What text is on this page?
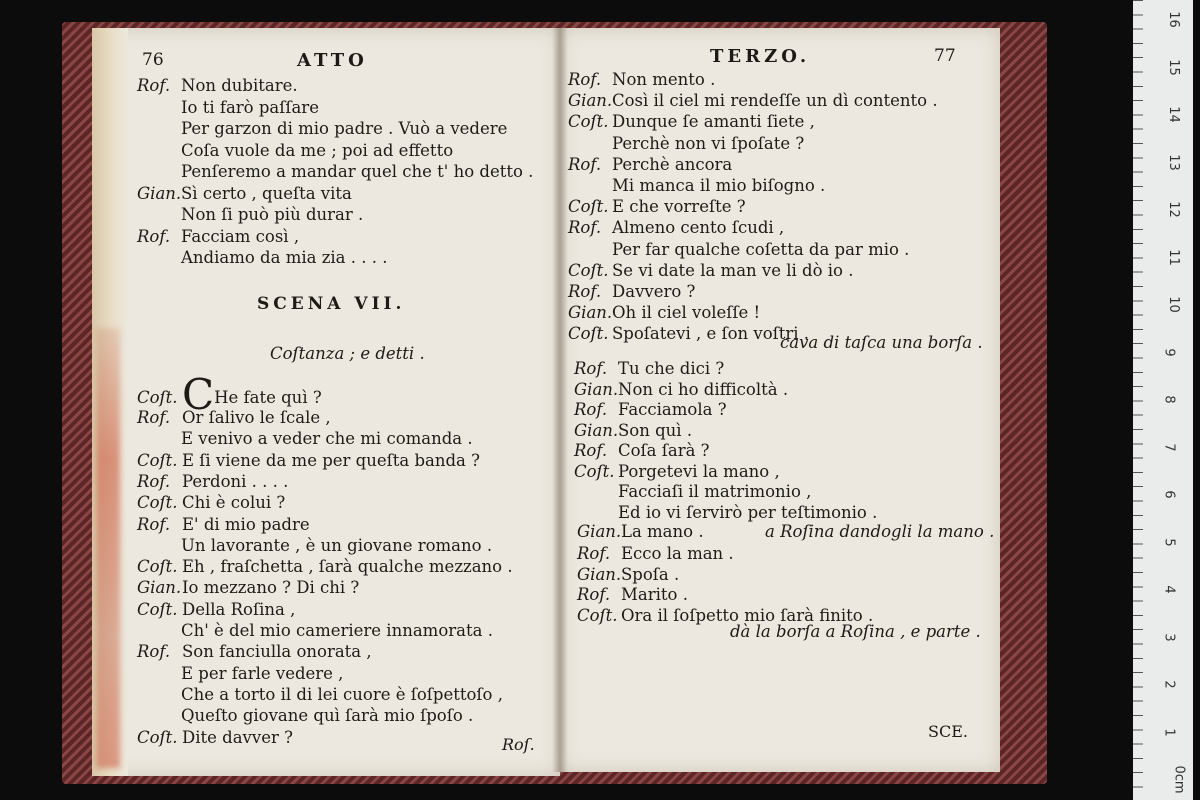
76	ATTO
Rof. Non dubitare.
Io ti farò paſſare
Per garzon di mio padre . Vuò a vedere
Coſa vuole da me ; poi ad effetto
Penſeremo a mandar quel che t' ho detto .
Gian.Sì certo , queſta vita
Non ſi può più durar .
Rof. Facciam così ,
Andiamo da mia zia . . . .
SCENA VII.
Coſtanza ; e detti .
Coſt. CHe fate quì ?
Rof. Or ſalivo le ſcale ,
E venivo a veder che mi comanda .
Coſt. E ſi viene da me per queſta banda ?
Rof. Perdoni . . . .
Coſt. Chi è colui ?
Rof. E' di mio padre
Un lavorante , è un giovane romano .
Coſt. Eh , fraſchetta , ſarà qualche mezzano .
Gian.Io mezzano ? Di chi ?
Coſt. Della Roſina ,
Ch' è del mio cameriere innamorata .
Rof. Son fanciulla onorata ,
E per farle vedere ,
Che a torto il di lei cuore è ſoſpettoſo ,
Queſto giovane quì ſarà mio ſpoſo .
Coſt. Dite davver ?	Roſ.
TERZO.	77
Rof. Non mento .
Gian.Così il ciel mi rendeſſe un dì contento .
Coſt. Dunque ſe amanti ſiete ,
Perchè non vi ſpoſate ?
Rof. Perchè ancora
Mi manca il mio biſogno .
Coſt. E che vorreſte ?
Rof. Almeno cento ſcudi ,
Per far qualche coſetta da par mio .
Coſt. Se vi date la man ve li dò io .
Rof. Davvero ?
Gian.Oh il ciel voleſſe !
Coſt. Spoſatevi , e ſon voſtri .
cava di taſca una borſa .
Rof. Tu che dici ?
Gian.Non ci ho difficoltà .
Rof. Facciamola ?
Gian.Son quì .
Rof. Coſa ſarà ?
Coſt. Porgetevi la mano ,
Facciaſi il matrimonio ,
Ed io vi ſervirò per teſtimonio .
Gian.La mano .	a Roſina dandogli la mano .
Rof. Ecco la man .
Gian.Spoſa .
Rof. Marito .
Coſt. Ora il ſoſpetto mio ſarà finito .
dà la borſa a Roſina , e parte .
SCE.
16
15
14
13
12
11
10
9
8
7
6
5
4
3
2
1
0cm
